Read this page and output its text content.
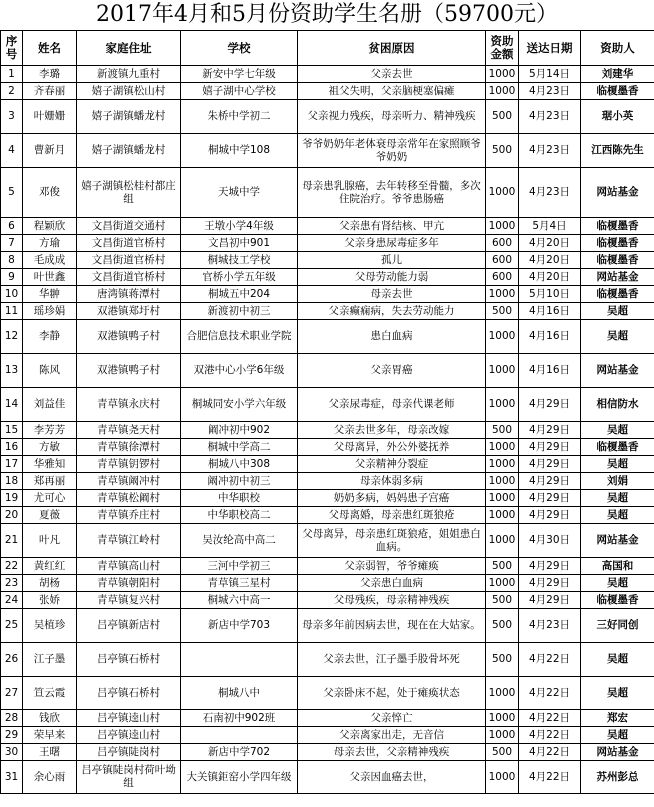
2017年4月和5月份资助学生名册（59700元）
序号	姓名	家庭住址	学校	贫困原因	资助金额	送达日期	资助人
1	李璐	新渡镇九重村	新安中学七年级	父亲去世	1000	5月14日	刘建华
2	齐春丽	嬉子湖镇松山村	嬉子湖中心学校	祖父失明，父亲脑梗塞偏瘫	1000	4月23日	临榎墨香
3	叶姗姗	嬉子湖镇蟠龙村	朱桥中学初二	父亲视力残疾，母亲听力、精神残疾	500	4月23日	琚小英
4	曹新月	嬉子湖镇蟠龙村	桐城中学108	爷爷奶奶年老体衰母亲常年在家照顾爷爷奶奶	500	4月23日	江西陈先生
5	邓俊	嬉子湖镇松桂村都庄组	天城中学	母亲患乳腺癌，去年转移至骨髓，多次住院治疗。爷爷患肠癌	1000	4月23日	网站基金
6	程颖欣	文昌街道交通村	王墩小学4年级	父亲患有肾结核、甲亢	1000	5月4日	临榎墨香
7	方瑜	文昌街道官桥村	文昌初中901	父亲身患尿毒症多年	600	4月20日	临榎墨香
8	毛成成	文昌街道官桥村	桐城技工学校	孤儿	600	4月20日	临榎墨香
9	叶世鑫	文昌街道官桥村	官桥小学五年级	父母劳动能力弱	600	4月20日	网站基金
10	华翀	唐湾镇蒋潭村	桐城五中204	母亲去世	1000	5月10日	临榎墨香
11	瑶珍娟	双港镇郑圩村	新渡初中初三	父亲癫痫病，失去劳动能力	500	4月16日	吴超
12	李静	双港镇鸭子村	合肥信息技术职业学院	患白血病	1000	4月16日	吴超
13	陈风	双港镇鸭子村	双港中心小学6年级	父亲胃癌	1000	4月16日	网站基金
14	刘益佳	青草镇永庆村	桐城同安小学六年级	父亲尿毒症，母亲代课老师	1000	4月29日	相信防水
15	李芳芳	青草镇尧天村	阚冲初中902	父亲去世多年，母亲改嫁	500	4月29日	吴超
16	方敏	青草镇徐潭村	桐城中学高二	父母离异，外公外婆抚养	1000	4月29日	临榎墨香
17	华雅知	青草镇钥锣村	桐城八中308	父亲精神分裂症	1000	4月29日	吴超
18	郑再丽	青草镇阚冲村	阚冲初中初三	母亲体弱多病	1000	4月29日	刘娟
19	尤可心	青草镇松阚村	中华职校	奶奶多病，妈妈患子宫癌	1000	4月29日	吴超
20	夏薇	青草镇乔庄村	中华职校高二	父母离婚，母亲患红斑狼疮	1000	4月29日	吴超
21	叶凡	青草镇江岭村	吴汝纶高中高二	父母离异，母亲患红斑狼疮，姐姐患白血病。	1000	4月30日	网站基金
22	黄红红	青草镇高山村	三河中学初三	父亲弱智，爷爷瘫痪	500	4月29日	高国和
23	胡杨	青草镇朝阳村	青草镇三星村	父亲患白血病	1000	4月29日	吴超
24	张娇	青草镇复兴村	桐城六中高一	父母残疾，母亲精神残疾	500	4月29日	临榎墨香
25	吴植珍	吕亭镇新店村	新店中学703	母亲多年前因病去世，现在在大姑家。	500	4月23日	三好同创
26	江子墨	吕亭镇石桥村		父亲去世，江子墨手股骨坏死	500	4月22日	吴超
27	笪云霞	吕亭镇石桥村	桐城八中	父亲卧床不起，处于瘫痪状态	1000	4月22日	吴超
28	钱欣	吕亭镇逵山村	石南初中902班	父亲悴亡	1000	4月22日	郑宏
29	荣早来	吕亭镇逵山村		父亲离家出走，无音信	1000	4月22日	吴超
30	王曙	吕亭镇陡岗村	新店中学702	母亲去世，父亲精神残疾	500	4月22日	网站基金
31	余心雨	吕亭镇陡岗村荷叶坳组	大关镇鉅窑小学四年级	父亲因血癌去世，	1000	4月22日	苏州彭总
